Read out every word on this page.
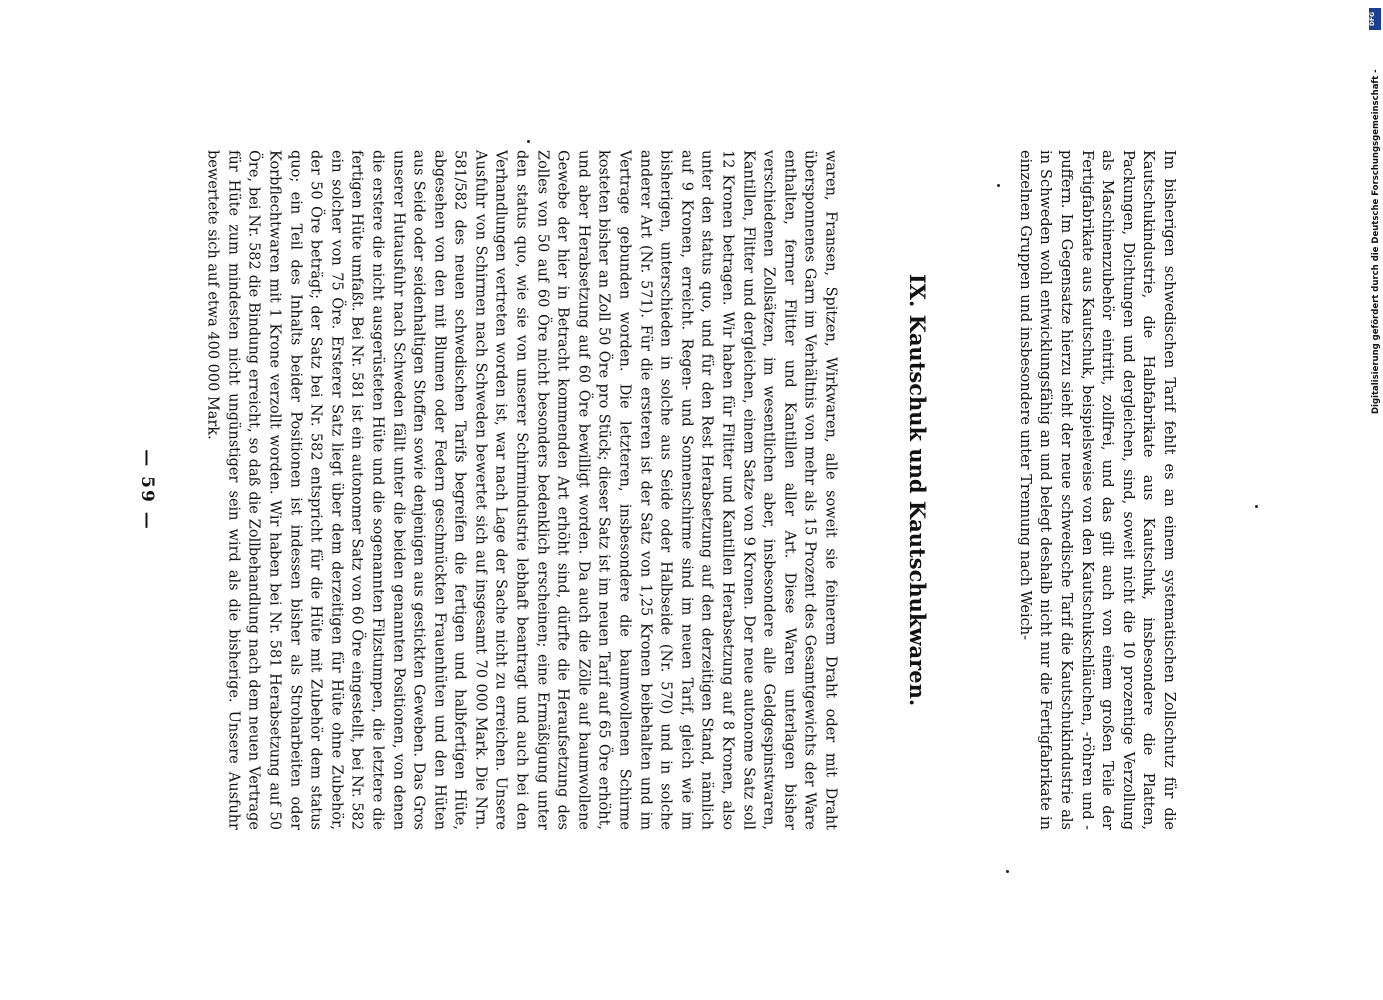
— 59 —	waren, Fransen, Spitzen, Wirkwaren, alle soweit sie feinerem Draht oder mit Draht übersponnenes Garn im Verhältnis von mehr als 15 Prozent des Gesamtgewichts der Ware enthalten, ferner Flitter und Kantillen aller Art. Diese Waren unterlagen bisher verschiedenen Zollsätzen, im wesentlichen aber, insbesondere alle Geldgespinstwaren, Kantillen, Flitter und dergleichen, einem Satze von 9 Kronen. Der neue autonome Satz soll 12 Kronen betragen. Wir haben für Flitter und Kantillen Herabsetzung auf 8 Kronen, also unter den status quo, und für den Rest Herabsetzung auf den derzeitigen Stand, nämlich auf 9 Kronen, erreicht. Regen- und Sonnenschirme sind im neuen Tarif, gleich wie im bisherigen, unterschieden in solche aus Seide oder Halbseide (Nr. 570) und in solche anderer Art (Nr. 571). Für die ersteren ist der Satz von 1,25 Kronen beibehalten und im Vertrage gebunden worden. Die letzteren, insbesondere die baumwollenen Schirme kosteten bisher an Zoll 50 Öre pro Stück; dieser Satz ist im neuen Tarif auf 65 Öre erhöht, und aber Herabsetzung auf 60 Öre bewilligt worden. Da auch die Zölle auf baumwollene Gewebe der hier in Betracht kommenden Art erhöht sind, dürfte die Heraufsetzung des Zolles von 50 auf 60 Öre nicht besonders bedenklich erscheinen; eine Ermäßigung unter den status quo, wie sie von unserer Schirmindustrie lebhaft beantragt und auch bei den Verhandlungen vertreten worden ist, war nach Lage der Sache nicht zu erreichen. Unsere Ausfuhr von Schirmen nach Schweden bewertet sich auf insgesamt 70 000 Mark. Die Nrn. 581/582 des neuen schwedischen Tarifs begreifen die fertigen und halbfertigen Hüte, abgesehen von den mit Blumen oder Federn geschmückten Frauenhüten und den Hüten aus Seide oder seidenhaltigen Stoffen sowie denjenigen aus gestickten Geweben. Das Gros unserer Hutausfuhr nach Schweden fällt unter die beiden genannten Positionen, von denen die erstere die nicht ausgerüsteten Hüte und die sogenannten Filzstumpen, die letztere die fertigen Hüte umfaßt. Bei Nr. 581 ist ein autonomer Satz von 60 Öre eingestellt, bei Nr. 582 ein solcher von 75 Öre. Ersterer Satz liegt über dem derzeitigen für Hüte ohne Zubehör, der 50 Öre beträgt; der Satz bei Nr. 582 entspricht für die Hüte mit Zubehör dem status quo; ein Teil des Inhalts beider Positionen ist indessen bisher als Stroharbeiten oder Korbflechtwaren mit 1 Krone verzollt worden. Wir haben bei Nr. 581 Herabsetzung auf 50 Öre, bei Nr. 582 die Bindung erreicht, so daß die Zollbehandlung nach dem neuen Vertrage für Hüte zum mindesten nicht ungünstiger sein wird als die bisherige. Unsere Ausfuhr bewertete sich auf etwa 400 000 Mark.	IX. Kautschuk und Kautschukwaren.	Im bisherigen schwedischen Tarif fehlt es an einem systematischen Zollschutz für die Kautschukindustrie, die Halbfabrikate aus Kautschuk, insbesondere die Platten, Packungen, Dichtungen und dergleichen, sind, soweit nicht die 10 prozentige Verzollung als Maschinenzubehör eintritt, zollfrei, und das gilt auch von einem großen Teile der Fertigfabrikate aus Kautschuk, beispielsweise von den Kautschukschläuchen, -röhren und -puffern. Im Gegensatze hierzu sieht der neue schwedische Tarif die Kautschukindustrie als in Schweden wohl entwicklungsfähig an und belegt deshalb nicht nur die Fertigfabrikate in einzelnen Gruppen und insbesondere unter Trennung nach Weich-
DFG
Digitalisierung gefördert durch die Deutsche Forschungsgemeinschaft -
